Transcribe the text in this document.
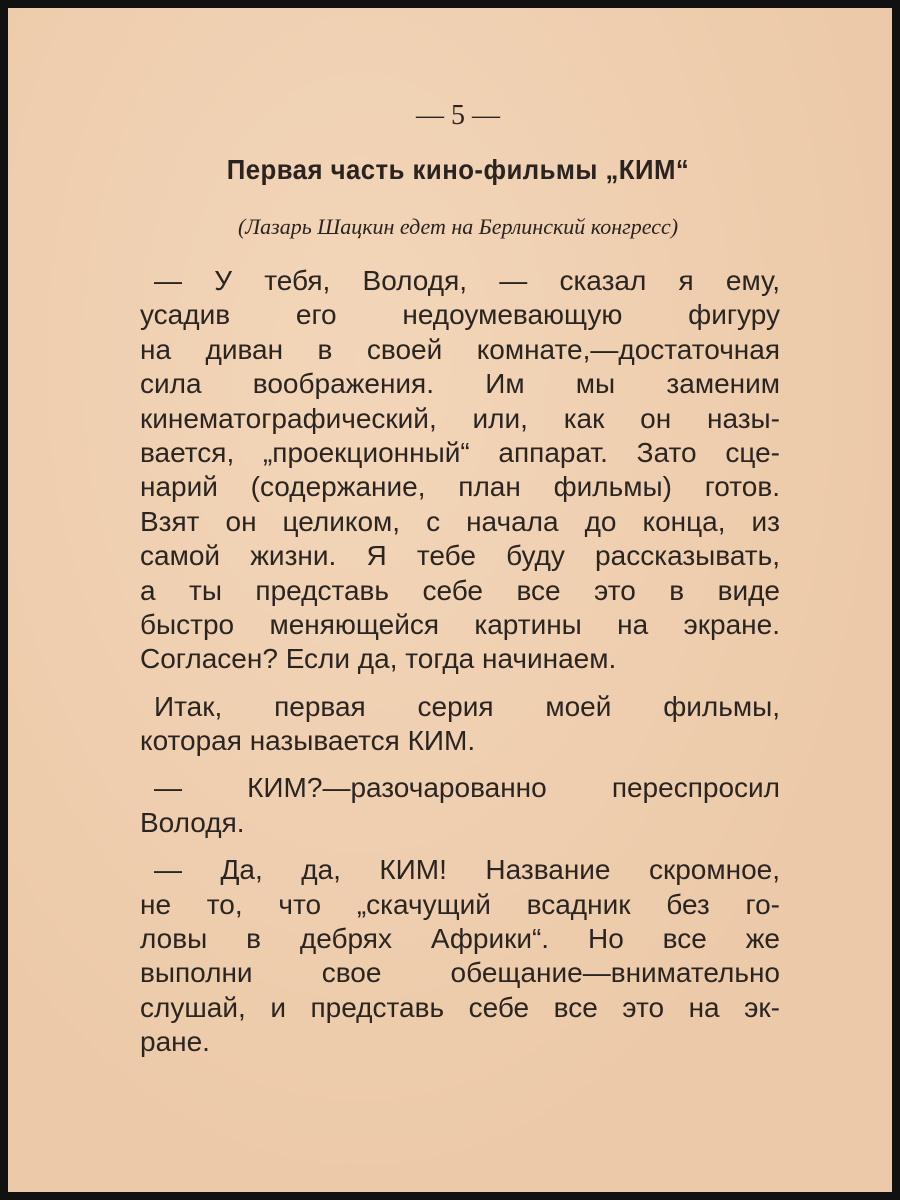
— 5 —
Первая часть кино-фильмы „КИМ“
(Лазарь Шацкин едет на Берлинский конгресс)
— У тебя, Володя, — сказал я ему,
усадив его недоумевающую фигуру
на диван в своей комнате,—достаточная
сила воображения. Им мы заменим
кинематографический, или, как он назы-
вается, „проекционный“ аппарат. Зато сце-
нарий (содержание, план фильмы) готов.
Взят он целиком, с начала до конца, из
самой жизни. Я тебе буду рассказывать,
а ты представь себе все это в виде
быстро меняющейся картины на экране.
Согласен? Если да, тогда начинаем.
Итак, первая серия моей фильмы,
которая называется КИМ.
— КИМ?—разочарованно переспросил
Володя.
— Да, да, КИМ! Название скромное,
не то, что „скачущий всадник без го-
ловы в дебрях Африки“. Но все же
выполни свое обещание—внимательно
слушай, и представь себе все это на эк-
ране.
